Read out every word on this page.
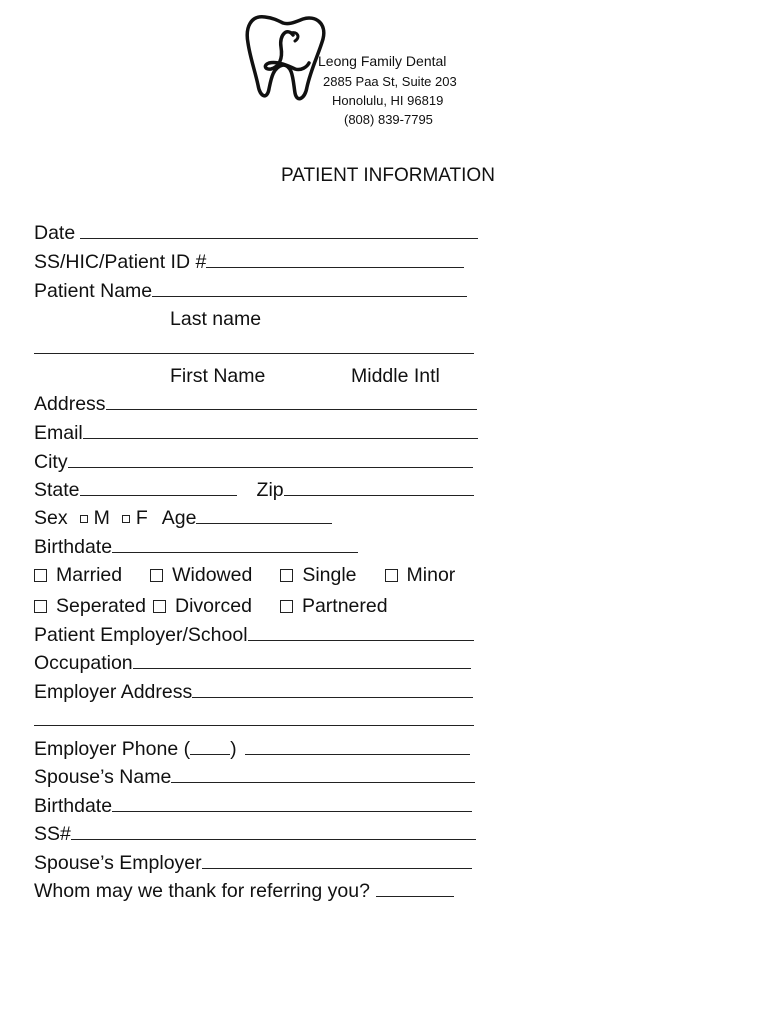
Leong Family Dental
2885 Paa St, Suite 203
Honolulu, HI 96819
(808) 839-7795
PATIENT INFORMATION
Date
SS/HIC/Patient ID #
Patient Name
Last name
First Name	Middle Intl
Address
Email
City
State	Zip
Sex M F Age
Birthdate
Married	Widowed	Single	Minor
Seperated Divorced	Partnered
Patient Employer/School
Occupation
Employer Address
Employer Phone ( )
Spouse’s Name
Birthdate
SS#
Spouse’s Employer
Whom may we thank for referring you?
